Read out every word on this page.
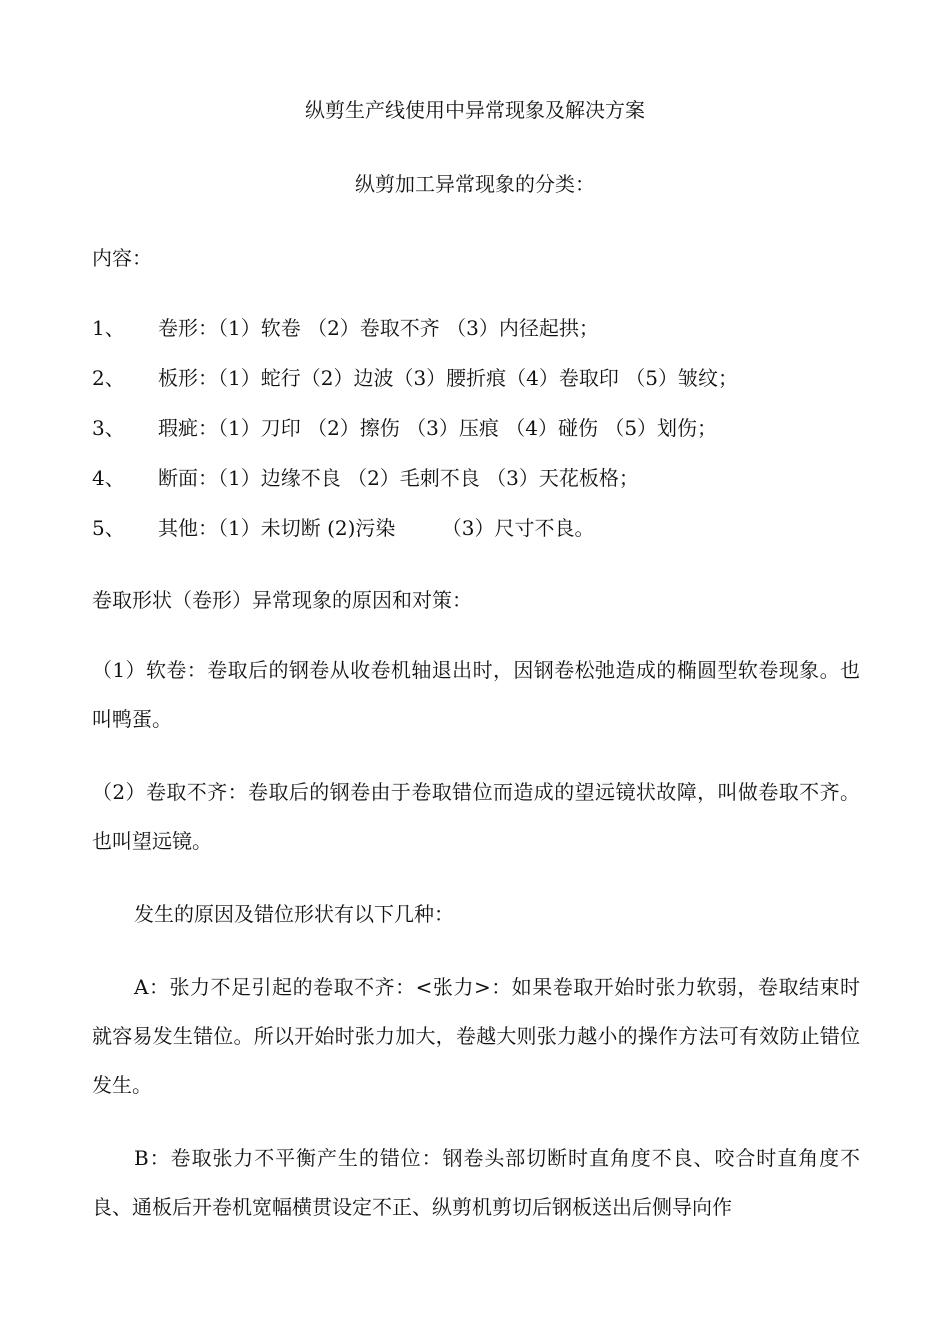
纵剪生产线使用中异常现象及解决方案
纵剪加工异常现象的分类：
内容：
1、 卷形：（1）软卷 （2）卷取不齐 （3）内径起拱；
2、 板形：（1）蛇行（2）边波（3）腰折痕（4）卷取印 （5）皱纹；
3、 瑕疵：（1）刀印 （2）擦伤 （3）压痕 （4）碰伤 （5）划伤；
4、 断面：（1）边缘不良 （2）毛刺不良 （3）天花板格；
5、 其他：（1）未切断 (2)污染　　 （3）尺寸不良。
卷取形状（卷形）异常现象的原因和对策：
（1）软卷：卷取后的钢卷从收卷机轴退出时，因钢卷松弛造成的椭圆型软卷现象。也叫鸭蛋。
（2）卷取不齐：卷取后的钢卷由于卷取错位而造成的望远镜状故障，叫做卷取不齐。也叫望远镜。
发生的原因及错位形状有以下几种：
A：张力不足引起的卷取不齐：<张力>：如果卷取开始时张力软弱，卷取结束时就容易发生错位。所以开始时张力加大，卷越大则张力越小的操作方法可有效防止错位发生。
B：卷取张力不平衡产生的错位：钢卷头部切断时直角度不良、咬合时直角度不良、通板后开卷机宽幅横贯设定不正、纵剪机剪切后钢板送出后侧导向作
